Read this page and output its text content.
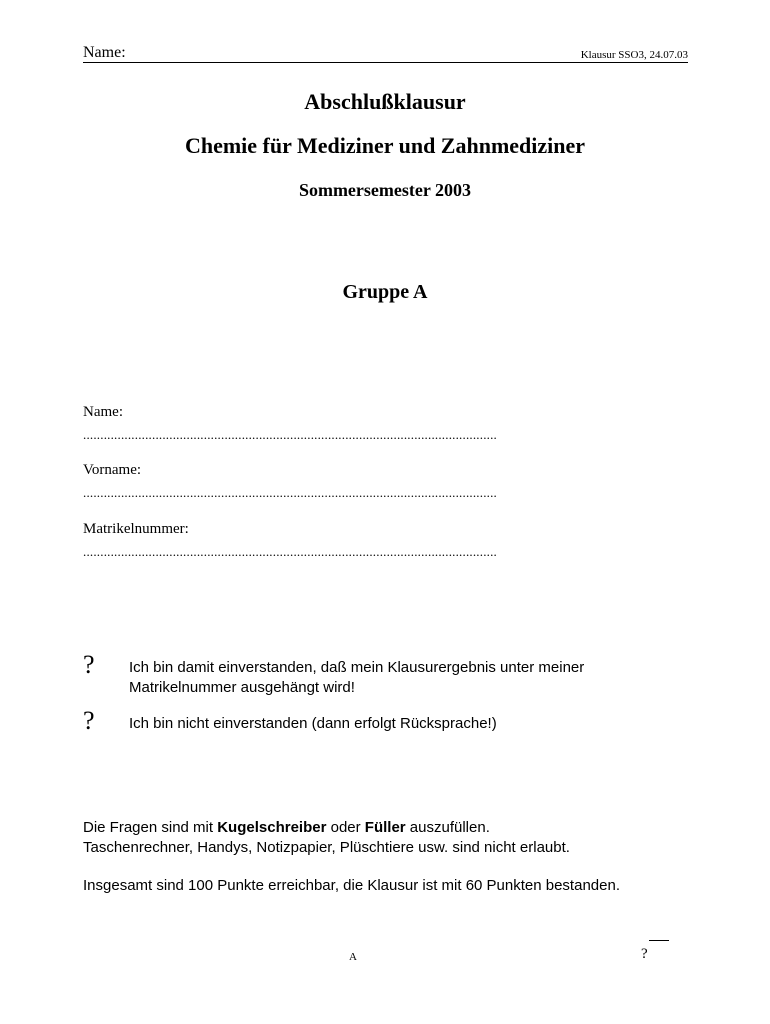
Name:	Klausur SSO3, 24.07.03
Abschlußklausur
Chemie für Mediziner und Zahnmediziner
Sommersemester 2003
Gruppe A
Name:
........................................................................................................................
Vorname:
........................................................................................................................
Matrikelnummer:
........................................................................................................................
? Ich bin damit einverstanden, daß mein Klausurergebnis unter meiner Matrikelnummer ausgehängt wird!
? Ich bin nicht einverstanden (dann erfolgt Rücksprache!)
Die Fragen sind mit Kugelschreiber oder Füller auszufüllen.
Taschenrechner, Handys, Notizpapier, Plüschtiere usw. sind nicht erlaubt.
Insgesamt sind 100 Punkte erreichbar, die Klausur ist mit 60 Punkten bestanden.
A	?
